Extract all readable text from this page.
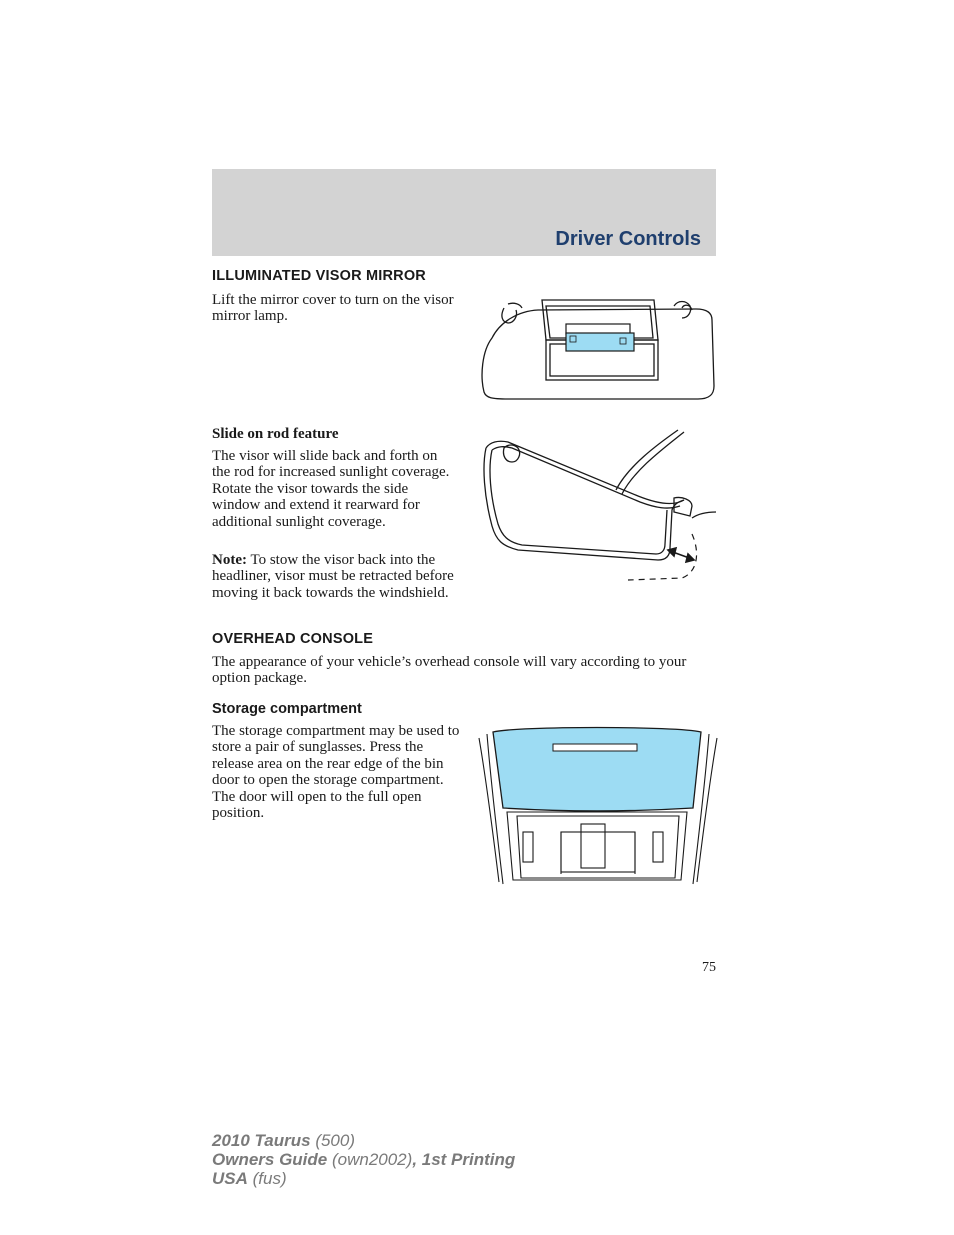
Driver Controls
ILLUMINATED VISOR MIRROR

Lift the mirror cover to turn on the visor mirror lamp.

Slide on rod feature

The visor will slide back and forth on the rod for increased sunlight coverage. Rotate the visor towards the side window and extend it rearward for additional sunlight coverage.

Note: To stow the visor back into the headliner, visor must be retracted before moving it back towards the windshield.

OVERHEAD CONSOLE

The appearance of your vehicle’s overhead console will vary according to your option package.

Storage compartment

The storage compartment may be used to store a pair of sunglasses. Press the release area on the rear edge of the bin door to open the storage compartment. The door will open to the full open position.

75
2010 Taurus (500)
Owners Guide (own2002), 1st Printing
USA (fus)
